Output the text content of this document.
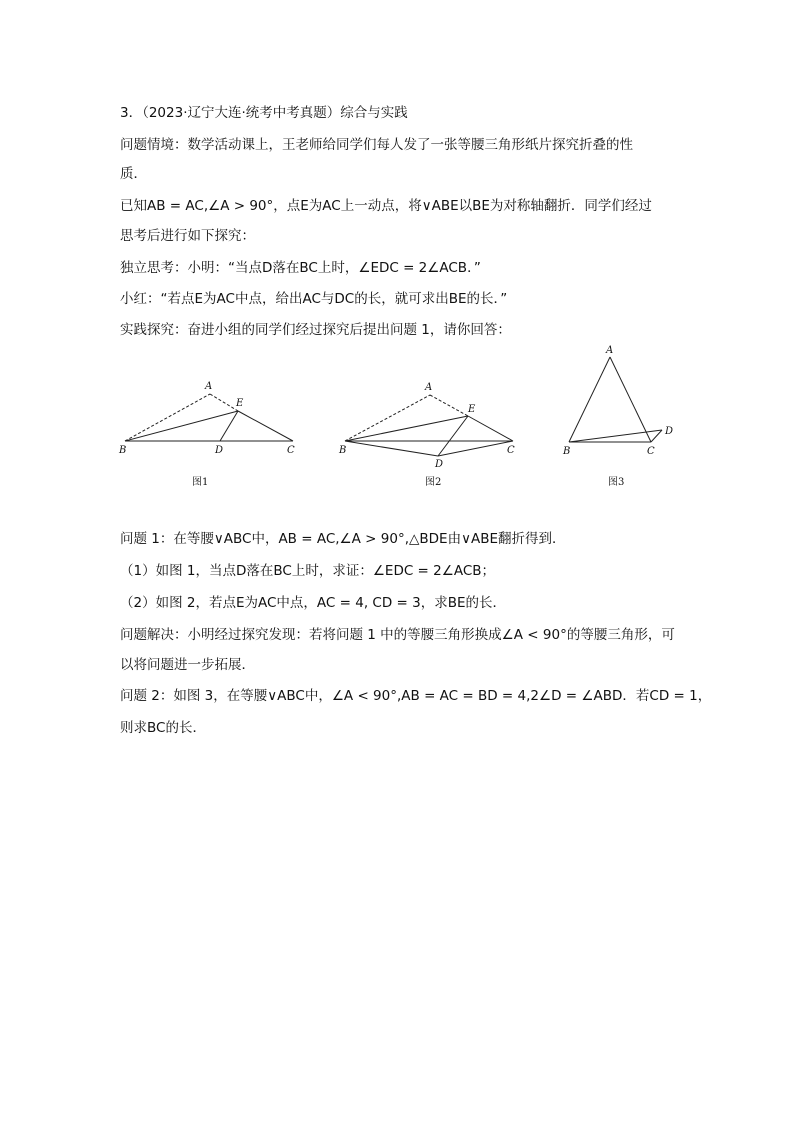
3．（2023·辽宁大连·统考中考真题）综合与实践
问题情境：数学活动课上，王老师给同学们每人发了一张等腰三角形纸片探究折叠的性
质．
已知AB = AC,∠A > 90°，点E为AC上一动点，将∨ABE以BE为对称轴翻折．同学们经过
思考后进行如下探究：
独立思考：小明：“当点D落在BC上时，∠EDC = 2∠ACB．”
小红：“若点E为AC中点，给出AC与DC的长，就可求出BE的长．”
实践探究：奋进小组的同学们经过探究后提出问题 1，请你回答：
A
E
B	D	C
图1
A
E
B	C
D
图2
A
D
B	C
图3
问题 1：在等腰∨ABC中，AB = AC,∠A > 90°,△BDE由∨ABE翻折得到．
（1）如图 1，当点D落在BC上时，求证：∠EDC = 2∠ACB；
（2）如图 2，若点E为AC中点，AC = 4, CD = 3，求BE的长．
问题解决：小明经过探究发现：若将问题 1 中的等腰三角形换成∠A < 90°的等腰三角形，可
以将问题进一步拓展．
问题 2：如图 3，在等腰∨ABC中，∠A < 90°,AB = AC = BD = 4,2∠D = ∠ABD．若CD = 1，
则求BC的长．
